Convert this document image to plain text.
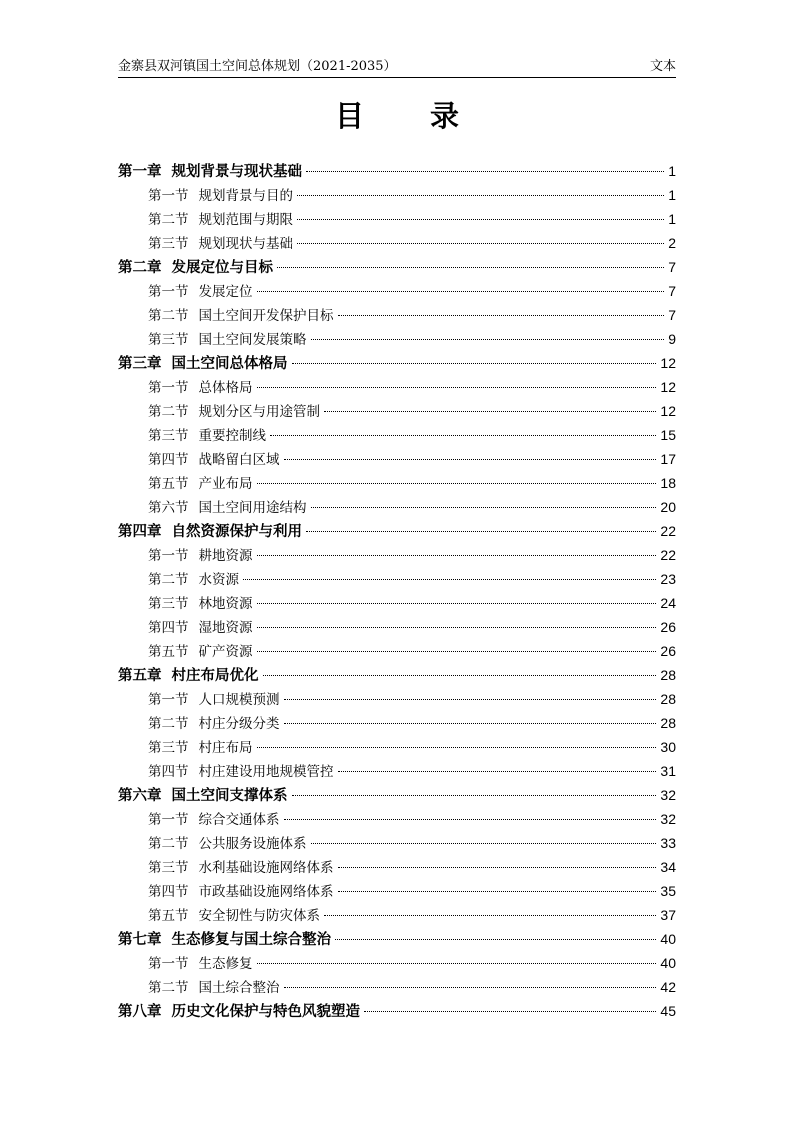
金寨县双河镇国土空间总体规划（2021-2035）	文本
目 录
第一章 规划背景与现状基础	1
第一节 规划背景与目的	1
第二节 规划范围与期限	1
第三节 规划现状与基础	2
第二章 发展定位与目标	7
第一节 发展定位	7
第二节 国土空间开发保护目标	7
第三节 国土空间发展策略	9
第三章 国土空间总体格局	12
第一节 总体格局	12
第二节 规划分区与用途管制	12
第三节 重要控制线	15
第四节 战略留白区域	17
第五节 产业布局	18
第六节 国土空间用途结构	20
第四章 自然资源保护与利用	22
第一节 耕地资源	22
第二节 水资源	23
第三节 林地资源	24
第四节 湿地资源	26
第五节 矿产资源	26
第五章 村庄布局优化	28
第一节 人口规模预测	28
第二节 村庄分级分类	28
第三节 村庄布局	30
第四节 村庄建设用地规模管控	31
第六章 国土空间支撑体系	32
第一节 综合交通体系	32
第二节 公共服务设施体系	33
第三节 水利基础设施网络体系	34
第四节 市政基础设施网络体系	35
第五节 安全韧性与防灾体系	37
第七章 生态修复与国土综合整治	40
第一节 生态修复	40
第二节 国土综合整治	42
第八章 历史文化保护与特色风貌塑造	45
